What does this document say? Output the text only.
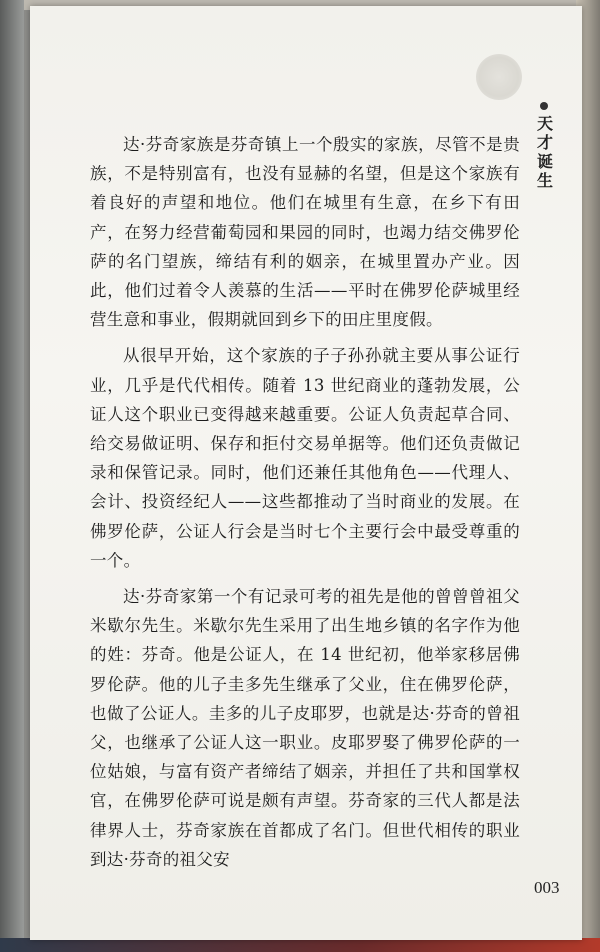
天才诞生

达·芬奇家族是芬奇镇上一个殷实的家族，尽管不是贵族，不是特别富有，也没有显赫的名望，但是这个家族有着良好的声望和地位。他们在城里有生意，在乡下有田产，在努力经营葡萄园和果园的同时，也竭力结交佛罗伦萨的名门望族，缔结有利的姻亲，在城里置办产业。因此，他们过着令人羡慕的生活——平时在佛罗伦萨城里经营生意和事业，假期就回到乡下的田庄里度假。

从很早开始，这个家族的子子孙孙就主要从事公证行业，几乎是代代相传。随着 13 世纪商业的蓬勃发展，公证人这个职业已变得越来越重要。公证人负责起草合同、给交易做证明、保存和拒付交易单据等。他们还负责做记录和保管记录。同时，他们还兼任其他角色——代理人、会计、投资经纪人——这些都推动了当时商业的发展。在佛罗伦萨，公证人行会是当时七个主要行会中最受尊重的一个。

达·芬奇家第一个有记录可考的祖先是他的曾曾曾祖父米歇尔先生。米歇尔先生采用了出生地乡镇的名字作为他的姓：芬奇。他是公证人，在 14 世纪初，他举家移居佛罗伦萨。他的儿子圭多先生继承了父业，住在佛罗伦萨，也做了公证人。圭多的儿子皮耶罗，也就是达·芬奇的曾祖父，也继承了公证人这一职业。皮耶罗娶了佛罗伦萨的一位姑娘，与富有资产者缔结了姻亲，并担任了共和国掌权官，在佛罗伦萨可说是颇有声望。芬奇家的三代人都是法律界人士，芬奇家族在首都成了名门。但世代相传的职业到达·芬奇的祖父安

003
